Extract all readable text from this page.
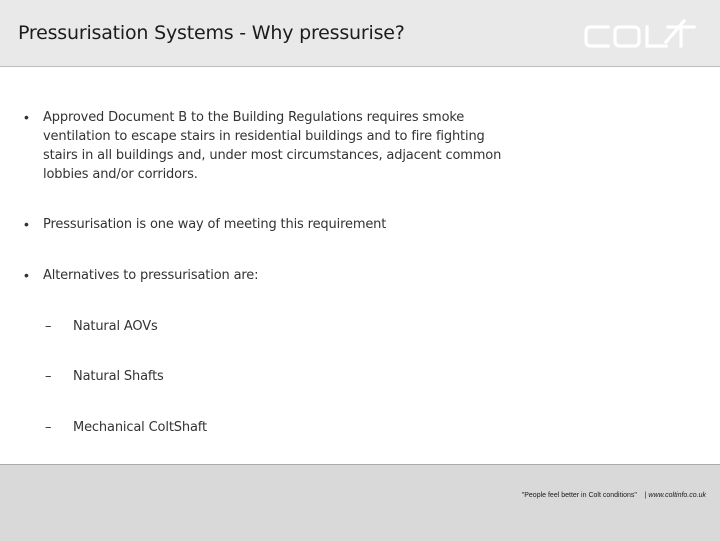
Pressurisation Systems - Why pressurise?
• Approved Document B to the Building Regulations requires smoke ventilation to escape stairs in residential buildings and to fire fighting stairs in all buildings and, under most circumstances, adjacent common lobbies and/or corridors.
• Pressurisation is one way of meeting this requirement
• Alternatives to pressurisation are:
– Natural AOVs
– Natural Shafts
– Mechanical ColtShaft
"People feel better in Colt conditions" | www.coltinfo.co.uk
